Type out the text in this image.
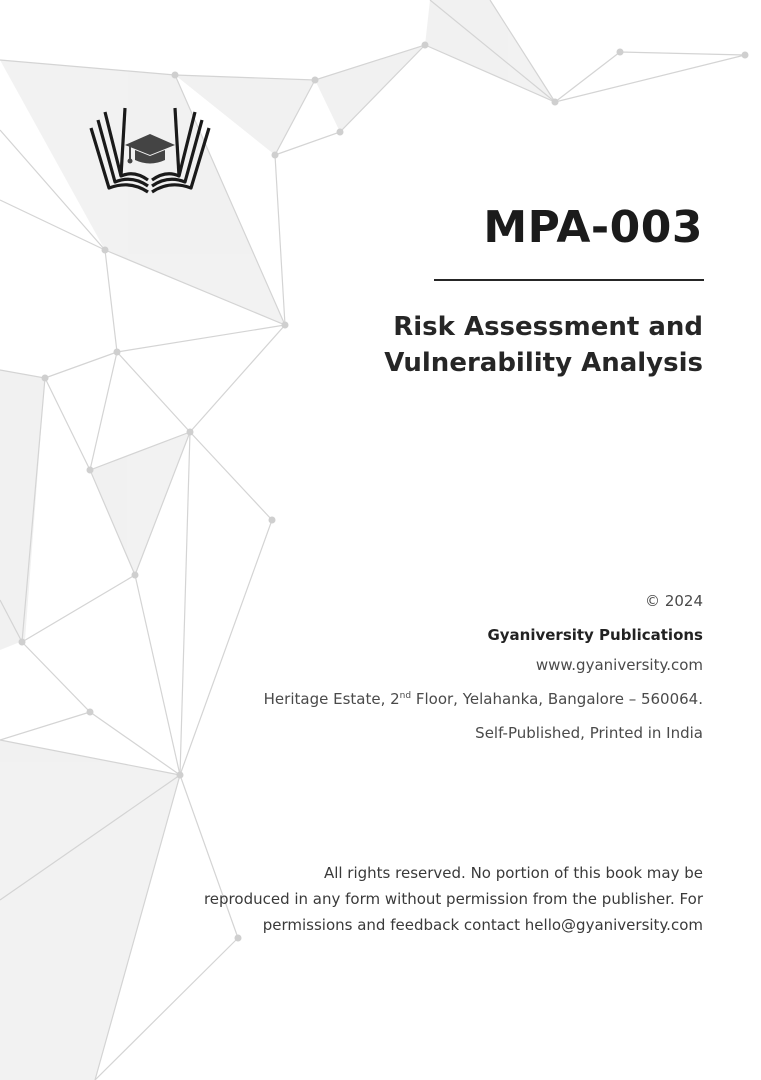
MPA-003
Risk Assessment and
Vulnerability Analysis

© 2024

Gyaniversity Publications

www.gyaniversity.com

Heritage Estate, 2nd Floor, Yelahanka, Bangalore – 560064.

Self-Published, Printed in India

All rights reserved. No portion of this book may be
reproduced in any form without permission from the publisher. For
permissions and feedback contact hello@gyaniversity.com
